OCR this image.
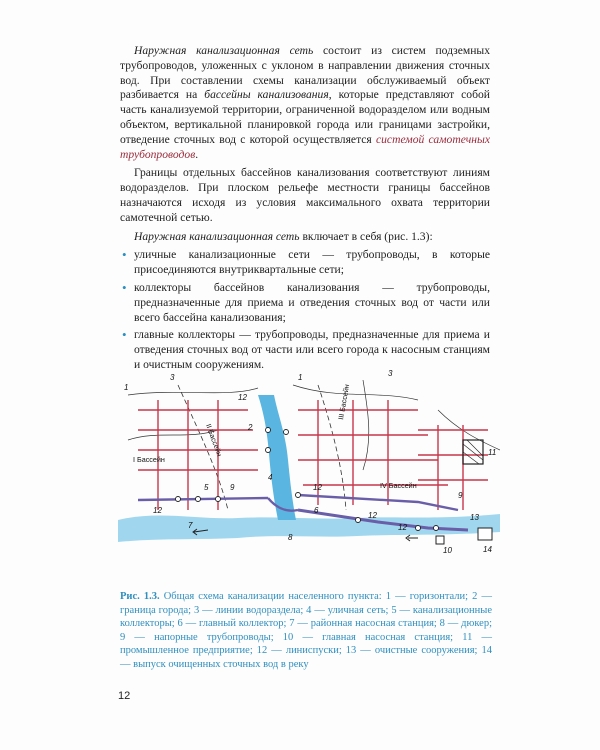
Наружная канализационная сеть состоит из систем подземных трубопроводов, уложенных с уклоном в направлении движения сточных вод. При составлении схемы канализации обслуживаемый объект разбивается на бассейны канализования, которые представляют собой часть канализуемой территории, ограниченной водоразделом или водным объектом, вертикальной планировкой города или границами застройки, отведение сточных вод с которой осуществляется системой самотечных трубопроводов.

Границы отдельных бассейнов канализования соответствуют линиям водоразделов. При плоском рельефе местности границы бассейнов назначаются исходя из условия максимального охвата территории самотечной сетью.

Наружная канализационная сеть включает в себя (рис. 1.3):

• уличные канализационные сети — трубопроводы, в которые присоединяются внутриквартальные сети;
• коллекторы бассейнов канализования — трубопроводы, предназначенные для приема и отведения сточных вод от части или всего бассейна канализования;
• главные коллекторы — трубопроводы, предназначенные для приема и отведения сточных вод от части или всего города к насосным станциям и очистным сооружениям.
I Бассейн
II Бассейн
III Бассейн
IV Бассейн
3
1
12
1	3
12
5	9
7
8
12
12
12
6
9
11
13
10	14
2
4
Рис. 1.3. Общая схема канализации населенного пункта: 1 — горизонтали; 2 — граница города; 3 — линии водораздела; 4 — уличная сеть; 5 — канализационные коллекторы; 6 — главный коллектор; 7 — районная насосная станция; 8 — дюкер; 9 — напорные трубопроводы; 10 — главная насосная станция; 11 — промышленное предприятие; 12 — линиспуски; 13 — очистные сооружения; 14 — выпуск очищенных сточных вод в реку
12
